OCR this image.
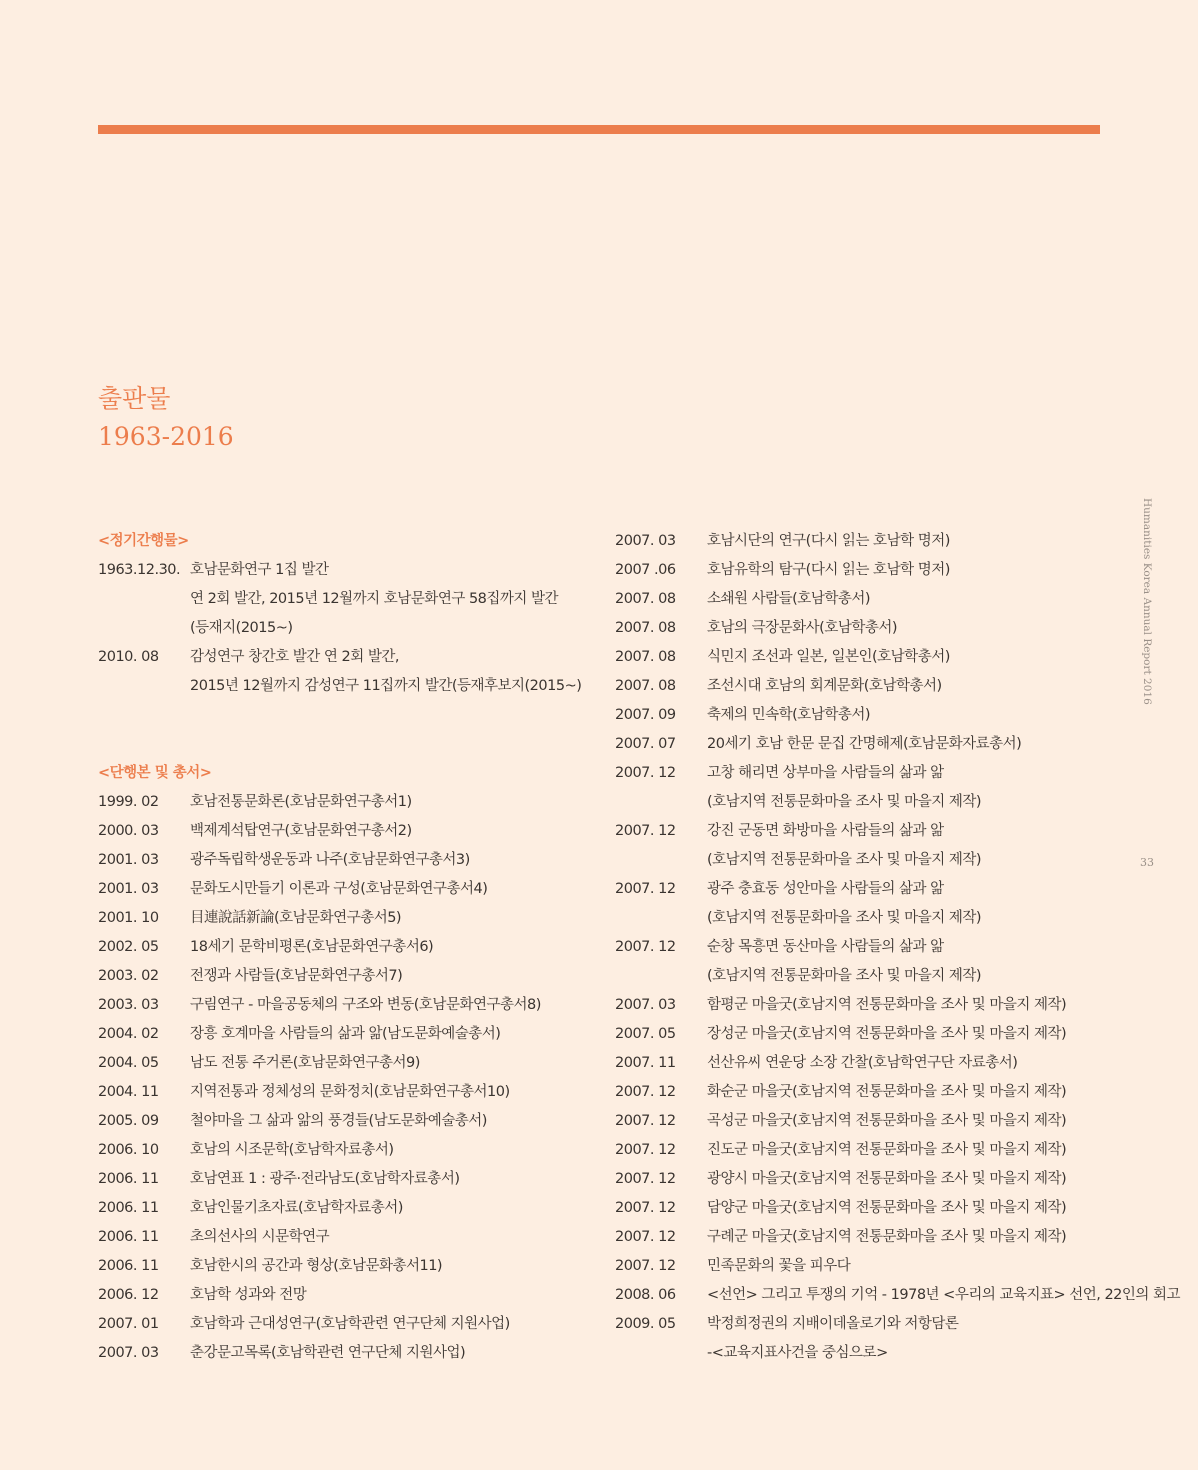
출판물
1963-2016
<정기간행물>
1963.12.30. 호남문화연구 1집 발간
연 2회 발간, 2015년 12월까지 호남문화연구 58집까지 발간
(등재지(2015~)
2010. 08	감성연구 창간호 발간 연 2회 발간,
2015년 12월까지 감성연구 11집까지 발간(등재후보지(2015~)
<단행본 및 총서>
1999. 02	호남전통문화론(호남문화연구총서1)
2000. 03	백제계석탑연구(호남문화연구총서2)
2001. 03	광주독립학생운동과 나주(호남문화연구총서3)
2001. 03	문화도시만들기 이론과 구성(호남문화연구총서4)
2001. 10	目連說話新論(호남문화연구총서5)
2002. 05	18세기 문학비평론(호남문화연구총서6)
2003. 02	전쟁과 사람들(호남문화연구총서7)
2003. 03	구림연구 - 마을공동체의 구조와 변동(호남문화연구총서8)
2004. 02	장흥 호계마을 사람들의 삶과 앎(남도문화예술총서)
2004. 05	남도 전통 주거론(호남문화연구총서9)
2004. 11	지역전통과 정체성의 문화정치(호남문화연구총서10)
2005. 09	철야마을 그 삶과 앎의 풍경들(남도문화예술총서)
2006. 10	호남의 시조문학(호남학자료총서)
2006. 11	호남연표 1 : 광주·전라남도(호남학자료총서)
2006. 11	호남인물기초자료(호남학자료총서)
2006. 11	초의선사의 시문학연구
2006. 11	호남한시의 공간과 형상(호남문화총서11)
2006. 12	호남학 성과와 전망
2007. 01	호남학과 근대성연구(호남학관련 연구단체 지원사업)
2007. 03	춘강문고목록(호남학관련 연구단체 지원사업)
2007. 03	호남시단의 연구(다시 읽는 호남학 명저)
2007 .06	호남유학의 탐구(다시 읽는 호남학 명저)
2007. 08	소쇄원 사람들(호남학총서)
2007. 08	호남의 극장문화사(호남학총서)
2007. 08	식민지 조선과 일본, 일본인(호남학총서)
2007. 08	조선시대 호남의 회계문화(호남학총서)
2007. 09	축제의 민속학(호남학총서)
2007. 07	20세기 호남 한문 문집 간명해제(호남문화자료총서)
2007. 12	고창 해리면 상부마을 사람들의 삶과 앎
(호남지역 전통문화마을 조사 및 마을지 제작)
2007. 12	강진 군동면 화방마을 사람들의 삶과 앎
(호남지역 전통문화마을 조사 및 마을지 제작)
2007. 12	광주 충효동 성안마을 사람들의 삶과 앎
(호남지역 전통문화마을 조사 및 마을지 제작)
2007. 12	순창 목흥면 동산마을 사람들의 삶과 앎
(호남지역 전통문화마을 조사 및 마을지 제작)
2007. 03	함평군 마을굿(호남지역 전통문화마을 조사 및 마을지 제작)
2007. 05	장성군 마을굿(호남지역 전통문화마을 조사 및 마을지 제작)
2007. 11	선산유씨 연운당 소장 간찰(호남학연구단 자료총서)
2007. 12	화순군 마을굿(호남지역 전통문화마을 조사 및 마을지 제작)
2007. 12	곡성군 마을굿(호남지역 전통문화마을 조사 및 마을지 제작)
2007. 12	진도군 마을굿(호남지역 전통문화마을 조사 및 마을지 제작)
2007. 12	광양시 마을굿(호남지역 전통문화마을 조사 및 마을지 제작)
2007. 12	담양군 마을굿(호남지역 전통문화마을 조사 및 마을지 제작)
2007. 12	구례군 마을굿(호남지역 전통문화마을 조사 및 마을지 제작)
2007. 12	민족문화의 꽃을 피우다
2008. 06	<선언> 그리고 투쟁의 기억 - 1978년 <우리의 교육지표> 선언, 22인의 회고
2009. 05	박정희정권의 지배이데올로기와 저항담론
-<교육지표사건을 중심으로>
Humanities Korea Annual Report 2016
33
